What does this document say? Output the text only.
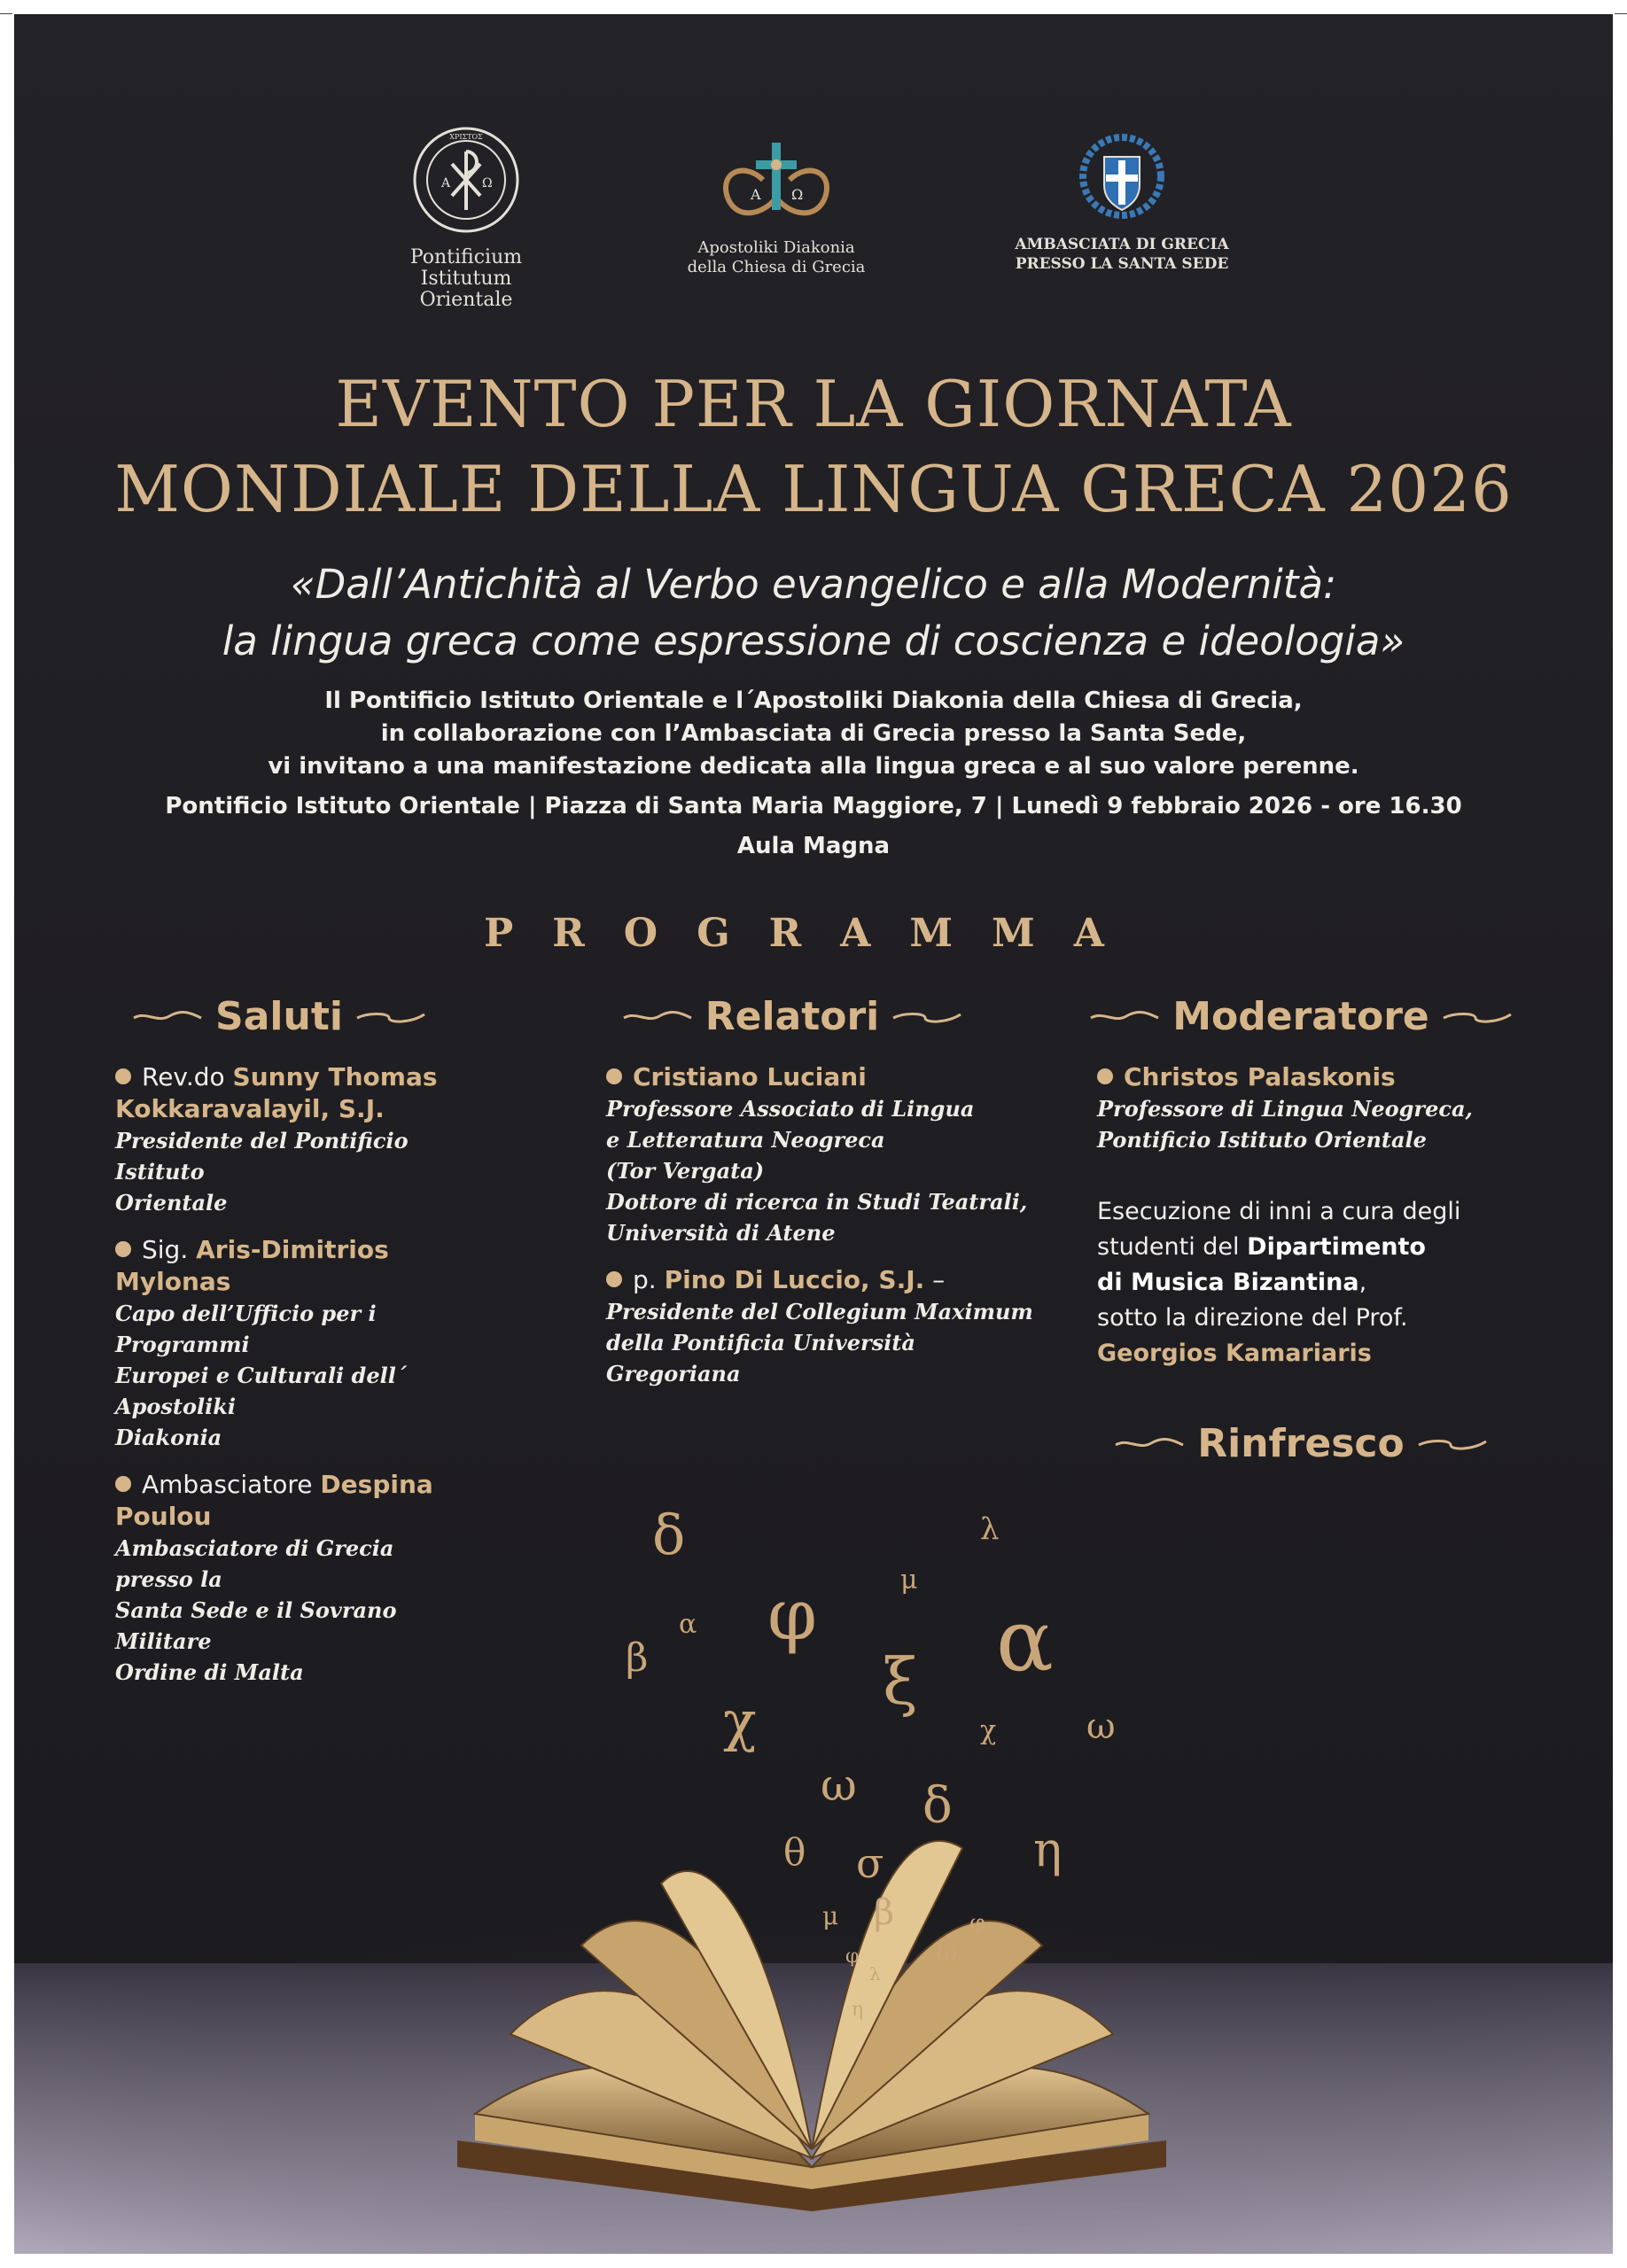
A	Ω
ΧΡΙΣΤΟΣ
Pontificium
Istitutum
Orientale
A Ω
Apostoliki Diakonia
della Chiesa di Grecia
AMBASCIATA DI GRECIA
PRESSO LA SANTA SEDE
EVENTO PER LA GIORNATA
MONDIALE DELLA LINGUA GRECA 2026
«Dall’Antichità al Verbo evangelico e alla Modernità:
la lingua greca come espressione di coscienza e ideologia»
Il Pontificio Istituto Orientale e l΄Apostoliki Diakonia della Chiesa di Grecia,
in collaborazione con l’Ambasciata di Grecia presso la Santa Sede,
vi invitano a una manifestazione dedicata alla lingua greca e al suo valore perenne.
Pontificio Istituto Orientale | Piazza di Santa Maria Maggiore, 7 | Lunedì 9 febbraio 2026 - ore 16.30
Aula Magna
PROGRAMMA
Saluti
Rev.do Sunny Thomas Kokkaravalayil, S.J.
Presidente del Pontificio Istituto
Orientale
Sig. Aris-Dimitrios Mylonas
Capo dell’Ufficio per i Programmi
Europei e Culturali dell΄ Apostoliki
Diakonia
Ambasciatore Despina Poulou
Ambasciatore di Grecia presso la
Santa Sede e il Sovrano Militare
Ordine di Malta
Relatori
Cristiano Luciani
Professore Associato di Lingua
e Letteratura Neogreca
(Tor Vergata)
Dottore di ricerca in Studi Teatrali,
Università di Atene
p. Pino Di Luccio, S.J. –
Presidente del Collegium Maximum
della Pontificia Università
Gregoriana
Moderatore
Christos Palaskonis
Professore di Lingua Neogreca,
Pontificio Istituto Orientale
Esecuzione di inni a cura degli
studenti del Dipartimento
di Musica Bizantina,
sotto la direzione del Prof.
Georgios Kamariaris
Rinfresco
δ	λ
μ
φ α
α
β	ξ
χ	χ	ω
ω δ
θ σ	η
μ β	φ
φ	ω
λ
η
